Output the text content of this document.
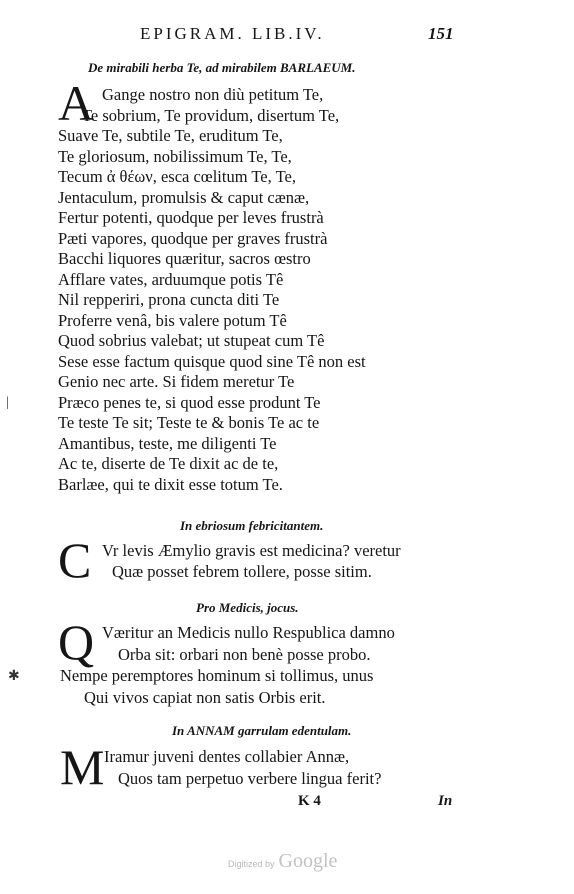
EPIGRAM. LIB.IV.	151
De mirabili herba Te, ad mirabilem BARLAEUM.
A Gange nostro non diù petitum Te,
Te sobrium, Te providum, disertum Te,
Suave Te, subtile Te, eruditum Te,
Te gloriosum, nobilissimum Te, Te,
Tecum ἀ θέων, esca cœlitum Te, Te,
Jentaculum, promulsis & caput cænæ,
Fertur potenti, quodque per leves frustrà
Pæti vapores, quodque per graves frustrà
Bacchi liquores quæritur, sacros œstro
Afflare vates, arduumque potis Tê
Nil repperiri, prona cuncta diti Te
Proferre venâ, bis valere potum Tê
Quod sobrius valebat; ut stupeat cum Tê
Sese esse factum quisque quod sine Tê non est
Genio nec arte. Si fidem meretur Te
Præco penes te, si quod esse produnt Te
Te teste Te sit; Teste te & bonis Te ac te
Amantibus, teste, me diligenti Te
Ac te, diserte de Te dixit ac de te,
Barlæe, qui te dixit esse totum Te.
In ebriosum febricitantem.
C Vr levis Æmylio gravis est medicina? veretur
Quæ posset febrem tollere, posse sitim.
Pro Medicis, jocus.
Q Væritur an Medicis nullo Respublica damno
Orba sit: orbari non benè posse probo.
Nempe peremptores hominum si tollimus, unus
Qui vivos capiat non satis Orbis erit.
In ANNAM garrulam edentulam.
M Iramur juveni dentes collabier Annæ,
Quos tam perpetuo verbere lingua ferit?
K 4	In
|
✱
Digitized by Google
